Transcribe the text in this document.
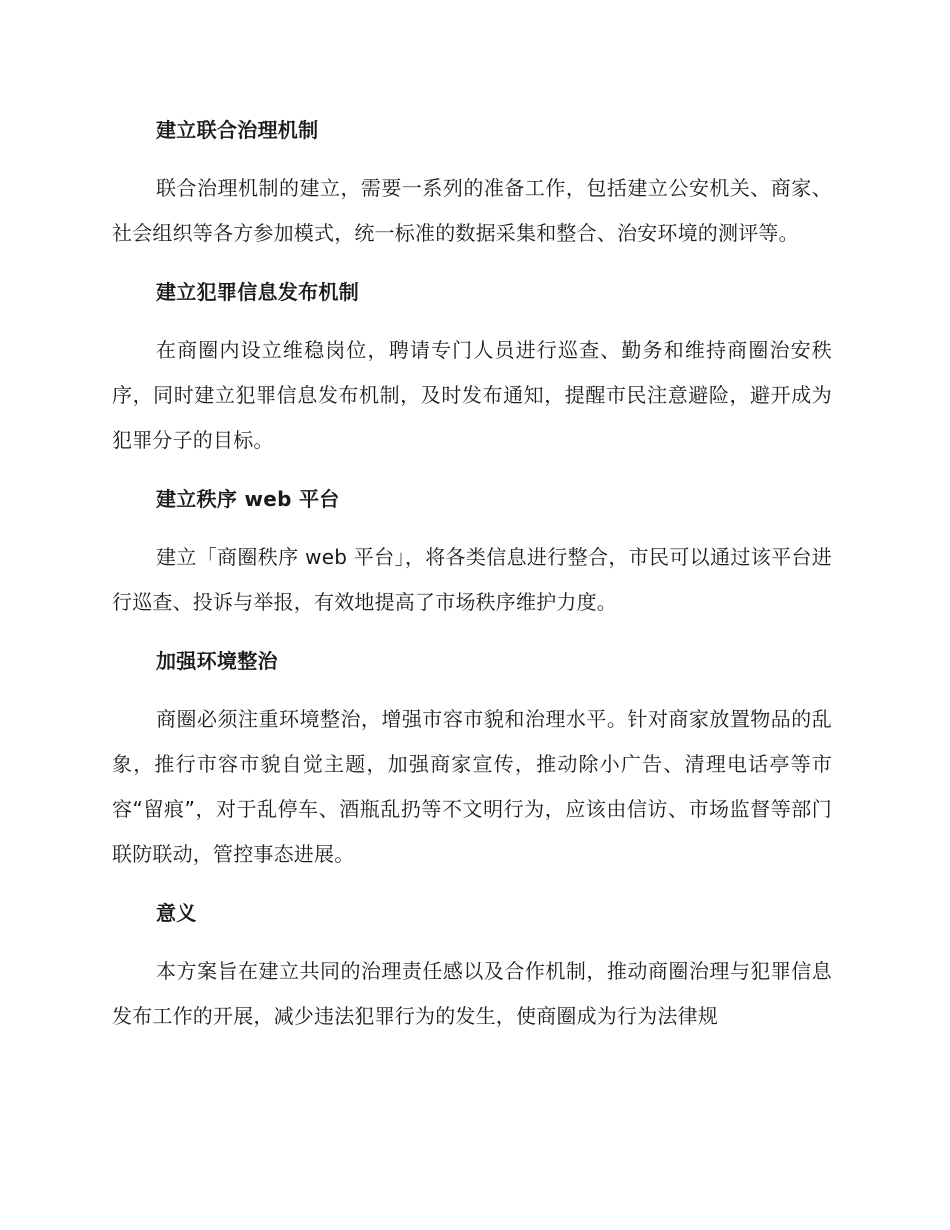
建立联合治理机制

联合治理机制的建立，需要一系列的准备工作，包括建立公安机关、商家、社会组织等各方参加模式，统一标准的数据采集和整合、治安环境的测评等。

建立犯罪信息发布机制

在商圈内设立维稳岗位，聘请专门人员进行巡查、勤务和维持商圈治安秩序，同时建立犯罪信息发布机制，及时发布通知，提醒市民注意避险，避开成为犯罪分子的目标。

建立秩序 web 平台

建立「商圈秩序 web 平台」，将各类信息进行整合，市民可以通过该平台进行巡查、投诉与举报，有效地提高了市场秩序维护力度。

加强环境整治

商圈必须注重环境整治，增强市容市貌和治理水平。针对商家放置物品的乱象，推行市容市貌自觉主题，加强商家宣传，推动除小广告、清理电话亭等市容“留痕”，对于乱停车、酒瓶乱扔等不文明行为，应该由信访、市场监督等部门联防联动，管控事态进展。

意义

本方案旨在建立共同的治理责任感以及合作机制，推动商圈治理与犯罪信息发布工作的开展，减少违法犯罪行为的发生，使商圈成为行为法律规
